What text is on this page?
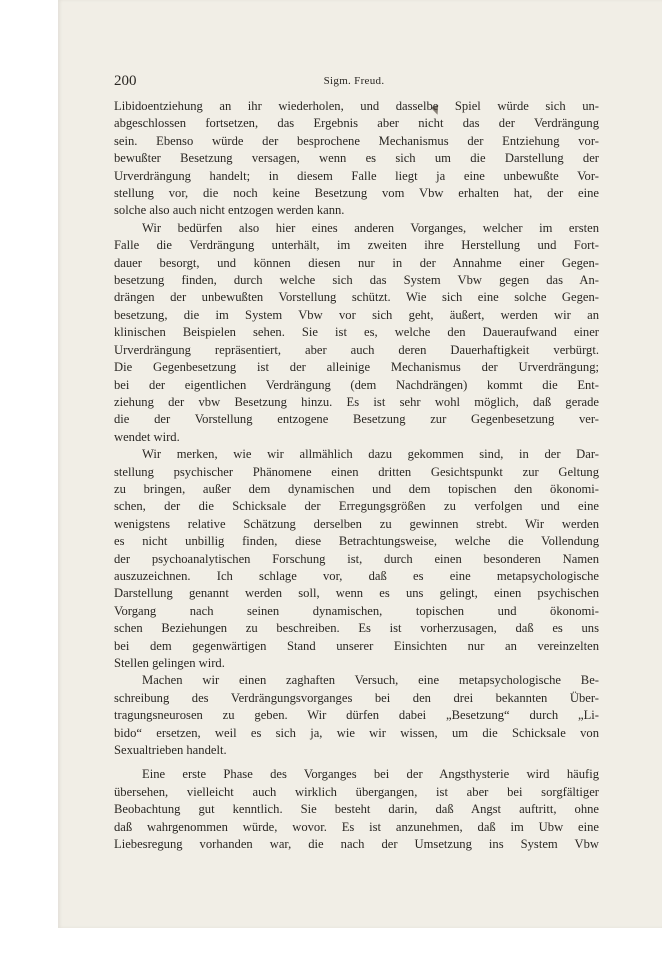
200	Sigm. Freud.
Libidoentziehung an ihr wiederholen, und dasselbe Spiel würde sich un-
abgeschlossen fortsetzen, das Ergebnis aber nicht das der Verdrängung
sein. Ebenso würde der besprochene Mechanismus der Entziehung vor-
bewußter Besetzung versagen, wenn es sich um die Darstellung der
Urverdrängung handelt; in diesem Falle liegt ja eine unbewußte Vor-
stellung vor, die noch keine Besetzung vom Vbw erhalten hat, der eine
solche also auch nicht entzogen werden kann.
Wir bedürfen also hier eines anderen Vorganges, welcher im ersten
Falle die Verdrängung unterhält, im zweiten ihre Herstellung und Fort-
dauer besorgt, und können diesen nur in der Annahme einer Gegen-
besetzung finden, durch welche sich das System Vbw gegen das An-
drängen der unbewußten Vorstellung schützt. Wie sich eine solche Gegen-
besetzung, die im System Vbw vor sich geht, äußert, werden wir an
klinischen Beispielen sehen. Sie ist es, welche den Daueraufwand einer
Urverdrängung repräsentiert, aber auch deren Dauerhaftigkeit verbürgt.
Die Gegenbesetzung ist der alleinige Mechanismus der Urverdrängung;
bei der eigentlichen Verdrängung (dem Nachdrängen) kommt die Ent-
ziehung der vbw Besetzung hinzu. Es ist sehr wohl möglich, daß gerade
die der Vorstellung entzogene Besetzung zur Gegenbesetzung ver-
wendet wird.
Wir merken, wie wir allmählich dazu gekommen sind, in der Dar-
stellung psychischer Phänomene einen dritten Gesichtspunkt zur Geltung
zu bringen, außer dem dynamischen und dem topischen den ökonomi-
schen, der die Schicksale der Erregungsgrößen zu verfolgen und eine
wenigstens relative Schätzung derselben zu gewinnen strebt. Wir werden
es nicht unbillig finden, diese Betrachtungsweise, welche die Vollendung
der psychoanalytischen Forschung ist, durch einen besonderen Namen
auszuzeichnen. Ich schlage vor, daß es eine metapsychologische
Darstellung genannt werden soll, wenn es uns gelingt, einen psychischen
Vorgang nach seinen dynamischen, topischen und ökonomi-
schen Beziehungen zu beschreiben. Es ist vorherzusagen, daß es uns
bei dem gegenwärtigen Stand unserer Einsichten nur an vereinzelten
Stellen gelingen wird.
Machen wir einen zaghaften Versuch, eine metapsychologische Be-
schreibung des Verdrängungsvorganges bei den drei bekannten Über-
tragungsneurosen zu geben. Wir dürfen dabei „Besetzung“ durch „Li-
bido“ ersetzen, weil es sich ja, wie wir wissen, um die Schicksale von
Sexualtrieben handelt.
Eine erste Phase des Vorganges bei der Angsthysterie wird häufig
übersehen, vielleicht auch wirklich übergangen, ist aber bei sorgfältiger
Beobachtung gut kenntlich. Sie besteht darin, daß Angst auftritt, ohne
daß wahrgenommen würde, wovor. Es ist anzunehmen, daß im Ubw eine
Liebesregung vorhanden war, die nach der Umsetzung ins System Vbw
